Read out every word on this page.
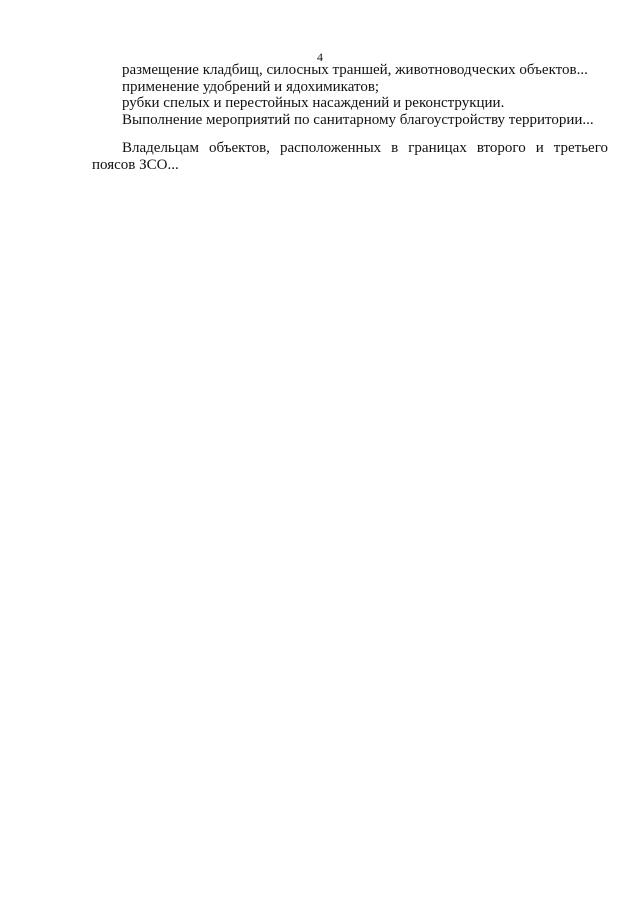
4

размещение кладбищ, силосных траншей, животноводческих объектов...

применение удобрений и ядохимикатов;

рубки спелых и перестойных насаждений и реконструкции.

Выполнение мероприятий по санитарному благоустройству территории...

Владельцам объектов, расположенных в границах второго и третьего поясов ЗСО...
